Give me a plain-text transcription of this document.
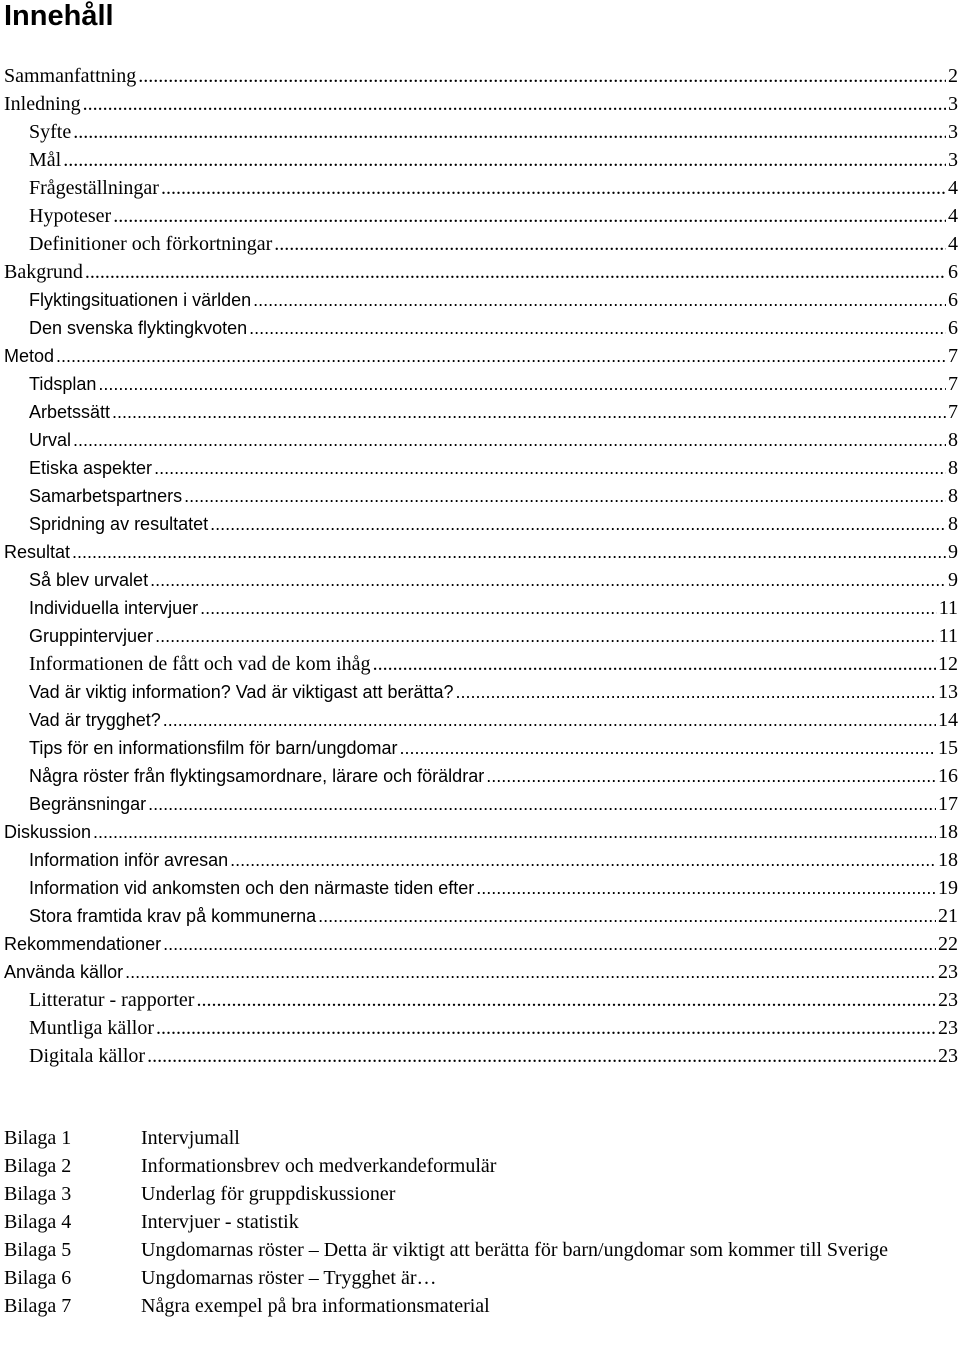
Innehåll
Sammanfattning .....	2
Inledning .....	3
Syfte .....	3
Mål .....	3
Frågeställningar .....	4
Hypoteser .....	4
Definitioner och förkortningar .....	4
Bakgrund .....	6
Flyktingsituationen i världen .....	6
Den svenska flyktingkvoten .....	6
Metod .....	7
Tidsplan .....	7
Arbetssätt .....	7
Urval .....	8
Etiska aspekter .....	8
Samarbetspartners .....	8
Spridning av resultatet .....	8
Resultat .....	9
Så blev urvalet .....	9
Individuella intervjuer .....	11
Gruppintervjuer .....	11
Informationen de fått och vad de kom ihåg .....	12
Vad är viktig information? Vad är viktigast att berätta? .....	13
Vad är trygghet? .....	14
Tips för en informationsfilm för barn/ungdomar .....	15
Några röster från flyktingsamordnare, lärare och föräldrar .....	16
Begränsningar .....	17
Diskussion .....	18
Information inför avresan .....	18
Information vid ankomsten och den närmaste tiden efter .....	19
Stora framtida krav på kommunerna .....	21
Rekommendationer .....	22
Använda källor .....	23
Litteratur - rapporter .....	23
Muntliga källor .....	23
Digitala källor .....	23
Bilaga 1	Intervjumall
Bilaga 2	Informationsbrev och medverkandeformulär
Bilaga 3	Underlag för gruppdiskussioner
Bilaga 4	Intervjuer - statistik
Bilaga 5	Ungdomarnas röster – Detta är viktigt att berätta för barn/ungdomar som kommer till Sverige
Bilaga 6	Ungdomarnas röster – Trygghet är…
Bilaga 7	Några exempel på bra informationsmaterial
